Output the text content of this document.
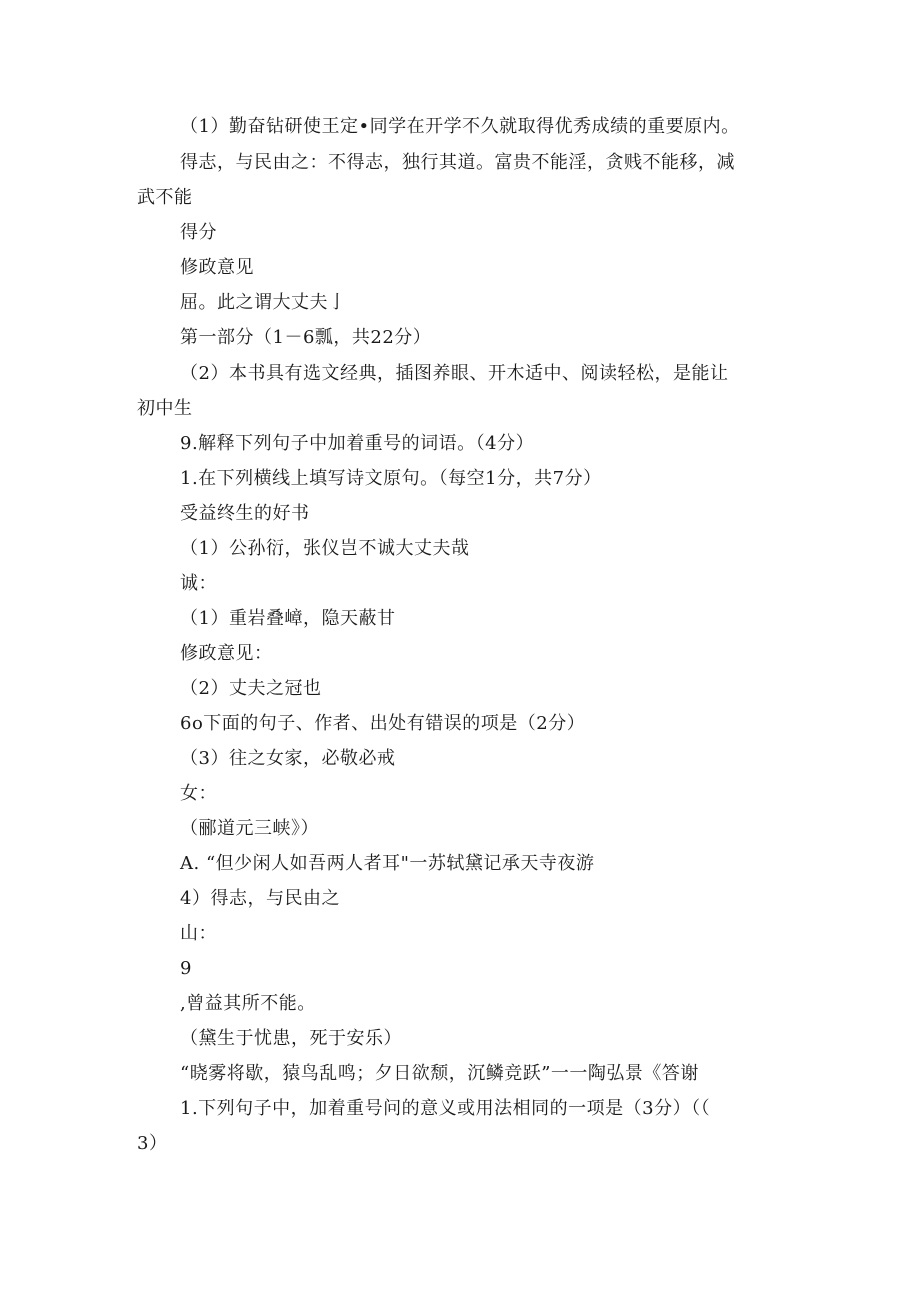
（1）勤奋钻研使王定•同学在开学不久就取得优秀成绩的重要原内。
得志，与民由之：不得志，独行其道。富贵不能淫，贪贱不能移，减
武不能
得分
修政意见
屈。此之谓大丈夫亅
第一部分（1－6瓢，共22分）
（2）本书具有选文经典，插图养眼、开木适中、阅读轻松，是能让
初中生
9.解释下列句子中加着重号的词语。（4分）
1.在下列横线上填写诗文原句。（每空1分，共7分）
受益终生的好书
（1）公孙衍，张仪岂不诚大丈夫哉
诚：
（1）重岩叠嶂，隐天蔽甘
修政意见：
（2）丈夫之冠也
6o下面的句子、作者、出处有错误的项是（2分）
（3）往之女家，必敬必戒
女：
（郦道元三峡》）
A. “但少闲人如吾两人者耳"一苏轼黛记承天寺夜游
4）得志，与民由之
山：
9
,曾益其所不能。
（黛生于忧患，死于安乐）
“晓雾将歇，猿鸟乱鸣；夕日欲颓，沉鳞竞跃”一一陶弘景《答谢
1.下列句子中，加着重号问的意义或用法相同的一项是（3分）（（
3）
